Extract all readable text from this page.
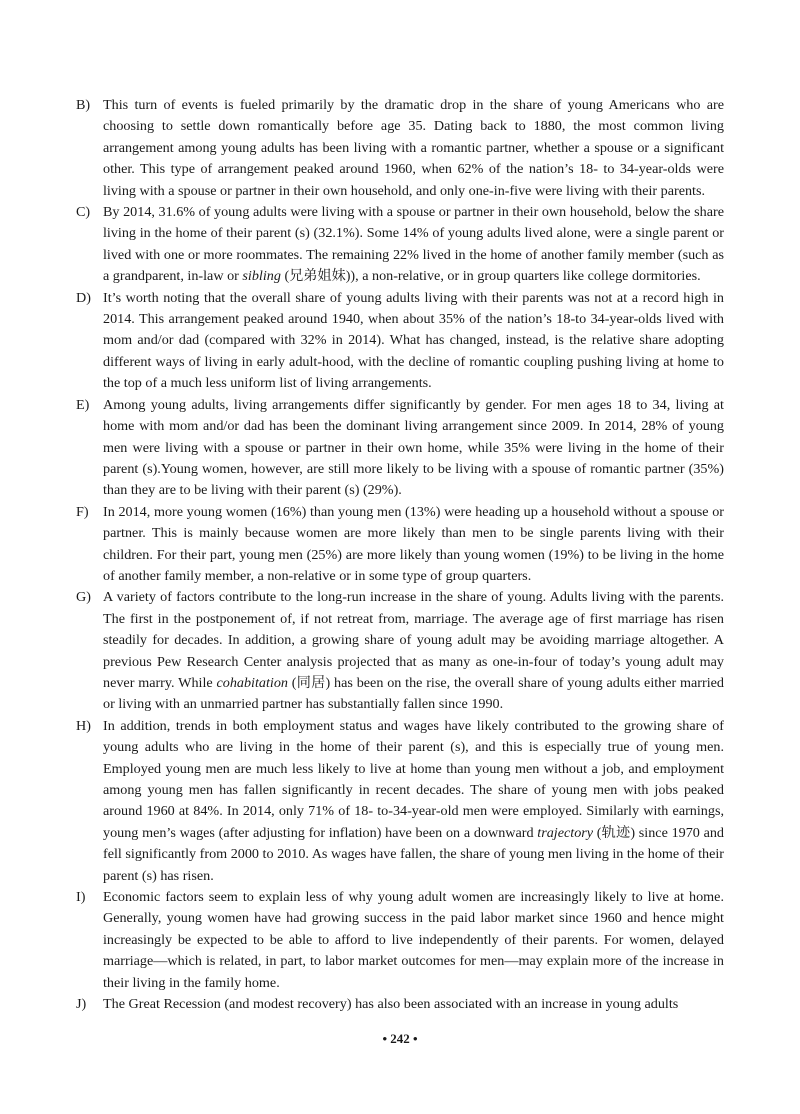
B) This turn of events is fueled primarily by the dramatic drop in the share of young Americans who are choosing to settle down romantically before age 35. Dating back to 1880, the most common living arrangement among young adults has been living with a romantic partner, whether a spouse or a significant other. This type of arrangement peaked around 1960, when 62% of the nation’s 18- to 34-year-olds were living with a spouse or partner in their own household, and only one-in-five were living with their parents.
C) By 2014, 31.6% of young adults were living with a spouse or partner in their own household, below the share living in the home of their parent (s) (32.1%). Some 14% of young adults lived alone, were a single parent or lived with one or more roommates. The remaining 22% lived in the home of another family member (such as a grandparent, in-law or sibling (兄弟姐妹)), a non-relative, or in group quarters like college dormitories.
D) It’s worth noting that the overall share of young adults living with their parents was not at a record high in 2014. This arrangement peaked around 1940, when about 35% of the nation’s 18-to 34-year-olds lived with mom and/or dad (compared with 32% in 2014). What has changed, instead, is the relative share adopting different ways of living in early adult-hood, with the decline of romantic coupling pushing living at home to the top of a much less uniform list of living arrangements.
E) Among young adults, living arrangements differ significantly by gender. For men ages 18 to 34, living at home with mom and/or dad has been the dominant living arrangement since 2009. In 2014, 28% of young men were living with a spouse or partner in their own home, while 35% were living in the home of their parent (s).Young women, however, are still more likely to be living with a spouse of romantic partner (35%) than they are to be living with their parent (s) (29%).
F) In 2014, more young women (16%) than young men (13%) were heading up a household without a spouse or partner. This is mainly because women are more likely than men to be single parents living with their children. For their part, young men (25%) are more likely than young women (19%) to be living in the home of another family member, a non-relative or in some type of group quarters.
G) A variety of factors contribute to the long-run increase in the share of young. Adults living with the parents. The first in the postponement of, if not retreat from, marriage. The average age of first marriage has risen steadily for decades. In addition, a growing share of young adult may be avoiding marriage altogether. A previous Pew Research Center analysis projected that as many as one-in-four of today’s young adult may never marry. While cohabitation (同居) has been on the rise, the overall share of young adults either married or living with an unmarried partner has substantially fallen since 1990.
H) In addition, trends in both employment status and wages have likely contributed to the growing share of young adults who are living in the home of their parent (s), and this is especially true of young men. Employed young men are much less likely to live at home than young men without a job, and employment among young men has fallen significantly in recent decades. The share of young men with jobs peaked around 1960 at 84%. In 2014, only 71% of 18- to-34-year-old men were employed. Similarly with earnings, young men’s wages (after adjusting for inflation) have been on a downward trajectory (轨迹) since 1970 and fell significantly from 2000 to 2010. As wages have fallen, the share of young men living in the home of their parent (s) has risen.
I) Economic factors seem to explain less of why young adult women are increasingly likely to live at home. Generally, young women have had growing success in the paid labor market since 1960 and hence might increasingly be expected to be able to afford to live independently of their parents. For women, delayed marriage—which is related, in part, to labor market outcomes for men—may explain more of the increase in their living in the family home.
J) The Great Recession (and modest recovery) has also been associated with an increase in young adults
• 242 •
